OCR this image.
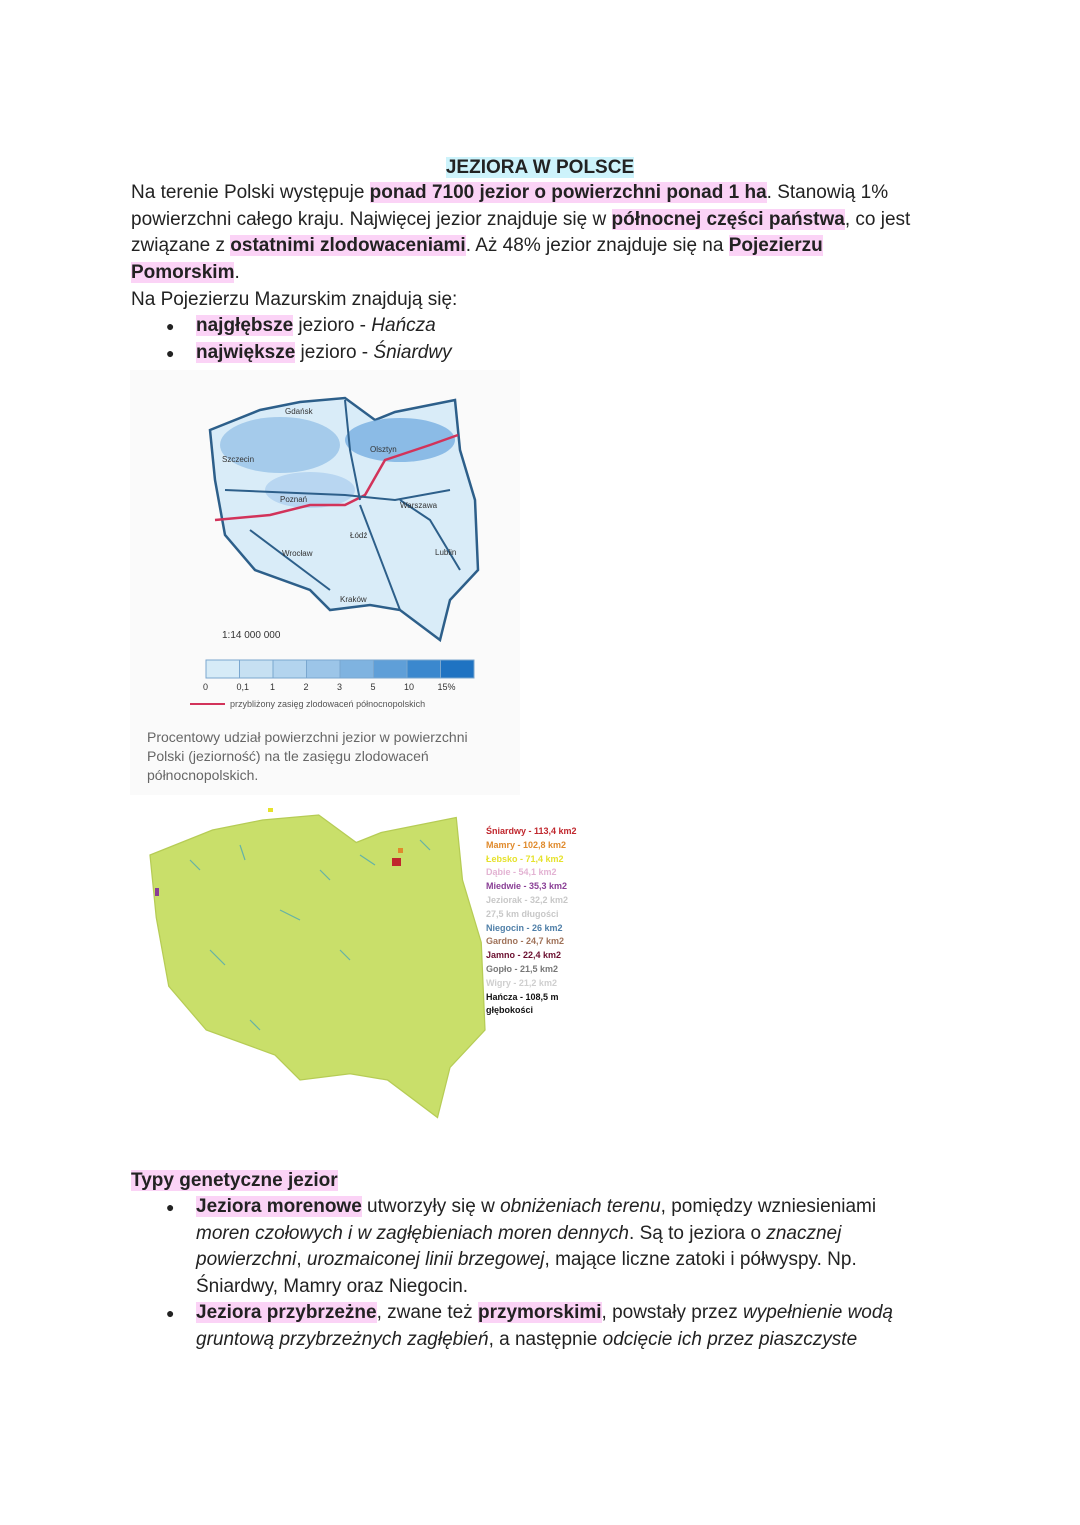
JEZIORA W POLSCE
Na terenie Polski występuje ponad 7100 jezior o powierzchni ponad 1 ha. Stanowią 1%
powierzchni całego kraju. Najwięcej jezior znajduje się w północnej części państwa, co jest
związane z ostatnimi zlodowaceniami. Aż 48% jezior znajduje się na Pojezierzu
Pomorskim.
Na Pojezierzu Mazurskim znajdują się:
● najgłębsze jezioro - Hańcza
● największe jezioro - Śniardwy
Gdańsk
Szczecin
Olsztyn
Poznań
Warszawa
Łódź
Wrocław	Lublin
Kraków
1:14 000 000
0	0,1 1	2	3	5	10	15%
przybliżony zasięg zlodowaceń północnopolskich
Procentowy udział powierzchni jezior w powierzchni Polski (jeziorność) na tle zasięgu zlodowaceń północnopolskich.
Śniardwy - 113,4 km2
Mamry - 102,8 km2
Łebsko - 71,4 km2
Dąbie - 54,1 km2
Miedwie - 35,3 km2
Jeziorak - 32,2 km2
27,5 km długości
Niegocin - 26 km2
Gardno - 24,7 km2
Jamno - 22,4 km2
Gopło - 21,5 km2
Wigry - 21,2 km2
Hańcza - 108,5 m
głębokości
Typy genetyczne jezior
● Jeziora morenowe utworzyły się w obniżeniach terenu, pomiędzy wzniesieniami
moren czołowych i w zagłębieniach moren dennych. Są to jeziora o znacznej
powierzchni, urozmaiconej linii brzegowej, mające liczne zatoki i półwyspy. Np.
Śniardwy, Mamry oraz Niegocin.
● Jeziora przybrzeżne, zwane też przymorskimi, powstały przez wypełnienie wodą
gruntową przybrzeżnych zagłębień, a następnie odcięcie ich przez piaszczyste
